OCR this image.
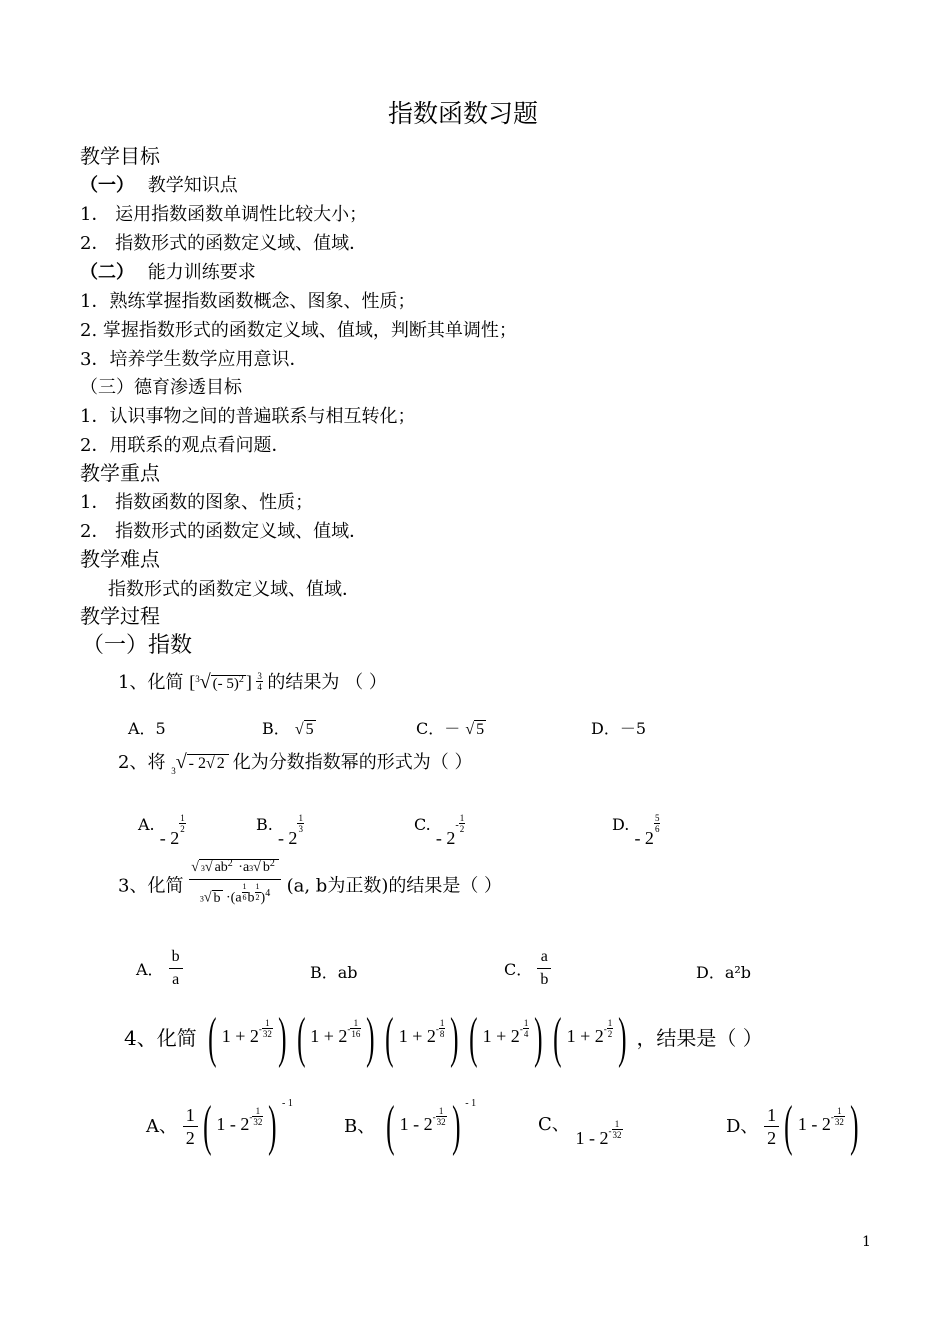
指数函数习题
教学目标
（一） 教学知识点
1． 运用指数函数单调性比较大小；
2． 指数形式的函数定义域、值域．
（二） 能力训练要求
1．熟练掌握指数函数概念、图象、性质；
2. 掌握指数形式的函数定义域、值域，判断其单调性；
3．培养学生数学应用意识．
（三）德育渗透目标
1．认识事物之间的普遍联系与相互转化；
2．用联系的观点看问题．
教学重点
1． 指数函数的图象、性质；
2． 指数形式的函数定义域、值域．
教学难点
指数形式的函数定义域、值域．
教学过程
（一）指数
1、化简 [$^3$√ (- 5)2 ] $\frac{3}{4}$ 的结果为 （ ）
A．5	B． √ 5	C．－ √ 5	D．－5
2、将 $_3$√ - 2√ 2 化为分数指数幂的形式为（ ）
A. - 2
$\frac{1}{2}$	B. - 2
$\frac{1}{3}$	C. - $2^- \frac{1}{2}$	D. - 2
$\frac{5}{6}$
3、化简 $\frac{√ 3√ ab2 \cdot a3√ b2}{3√ b \cdot(a \frac{1}{6} b \frac{1}{2} )4} (a$, b为正数)的结果是（ ）
A． $\frac{b}{a}$	B．ab	C． $\frac{a}{b}$	D．a²b
4、化简 ( $1 + 2^- \frac{1}{32}$ ) ( $1 + 2^- \frac{1}{16}$ ) ( $1 + 2^- \frac{1}{8}$ ) ( $1 + 2^- \frac{1}{4}$ ) ( $1 + 2^- \frac{1}{2}$ ) ，结果是（ ）
A、 $\frac{1}{2}$ ( $1 - 2^- \frac{1}{32}$ ) $^{- 1}$
B、 ( $1 - 2^- \frac{1}{32}$ ) $^{- 1}$
C、 $1 - 2^- \frac{1}{32}$	D、 $\frac{1}{2}$ ( $1 - 2^- \frac{1}{32}$ )
1
